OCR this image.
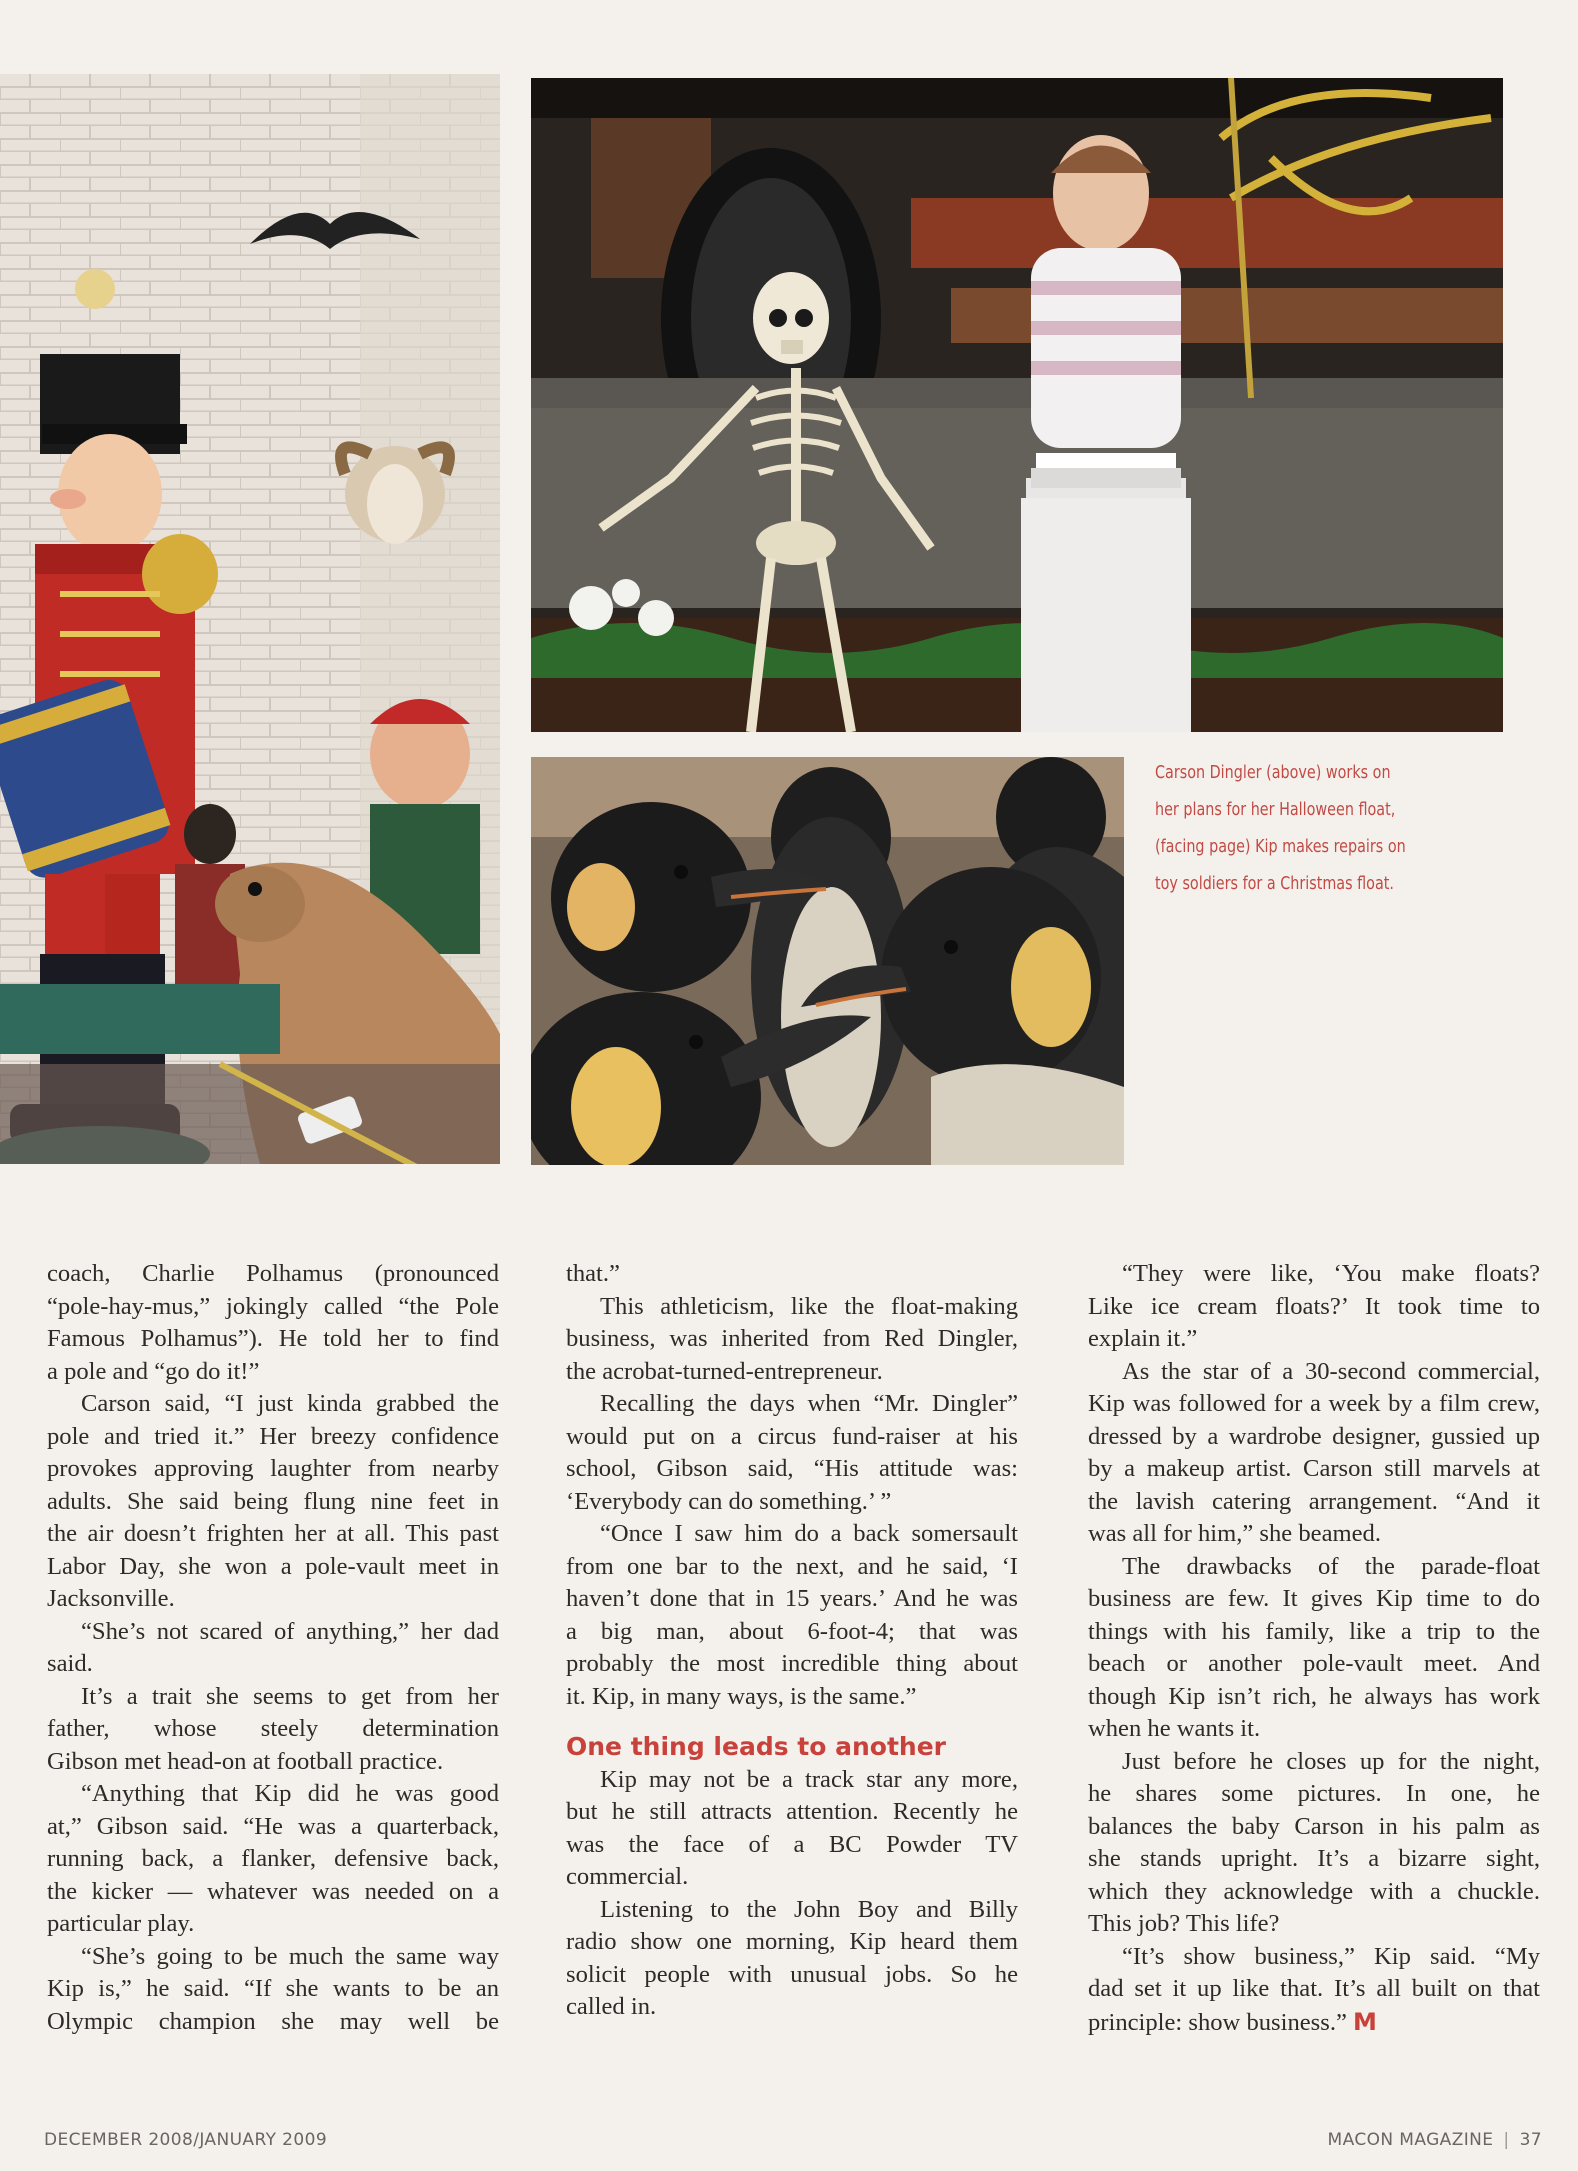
Carson Dingler (above) works on
her plans for her Halloween float,
(facing page) Kip makes repairs on
toy soldiers for a Christmas float.
coach, Charlie Polhamus (pronounced
“pole-hay-mus,” jokingly called “the Pole
Famous Polhamus”). He told her to find
a pole and “go do it!”
Carson said, “I just kinda grabbed the
pole and tried it.” Her breezy confidence
provokes approving laughter from nearby
adults. She said being flung nine feet in
the air doesn’t frighten her at all. This past
Labor Day, she won a pole-vault meet in
Jacksonville.
“She’s not scared of anything,” her dad
said.
It’s a trait she seems to get from her
father, whose steely determination
Gibson met head-on at football practice.
“Anything that Kip did he was good
at,” Gibson said. “He was a quarterback,
running back, a flanker, defensive back,
the kicker — whatever was needed on a
particular play.
“She’s going to be much the same way
Kip is,” he said. “If she wants to be an
Olympic champion she may well be
that.”
This athleticism, like the float-making
business, was inherited from Red Dingler,
the acrobat-turned-entrepreneur.
Recalling the days when “Mr. Dingler”
would put on a circus fund-raiser at his
school, Gibson said, “His attitude was:
‘Everybody can do something.’ ”
“Once I saw him do a back somersault
from one bar to the next, and he said, ‘I
haven’t done that in 15 years.’ And he was
a big man, about 6-foot-4; that was
probably the most incredible thing about
it. Kip, in many ways, is the same.”
One thing leads to another
Kip may not be a track star any more,
but he still attracts attention. Recently he
was the face of a BC Powder TV
commercial.
Listening to the John Boy and Billy
radio show one morning, Kip heard them
solicit people with unusual jobs. So he
called in.
“They were like, ‘You make floats?
Like ice cream floats?’ It took time to
explain it.”
As the star of a 30-second commercial,
Kip was followed for a week by a film crew,
dressed by a wardrobe designer, gussied up
by a makeup artist. Carson still marvels at
the lavish catering arrangement. “And it
was all for him,” she beamed.
The drawbacks of the parade-float
business are few. It gives Kip time to do
things with his family, like a trip to the
beach or another pole-vault meet. And
though Kip isn’t rich, he always has work
when he wants it.
Just before he closes up for the night,
he shares some pictures. In one, he
balances the baby Carson in his palm as
she stands upright. It’s a bizarre sight,
which they acknowledge with a chuckle.
This job? This life?
“It’s show business,” Kip said. “My
dad set it up like that. It’s all built on that
principle: show business.” M
DECEMBER 2008/JANUARY 2009	MACON MAGAZINE | 37
